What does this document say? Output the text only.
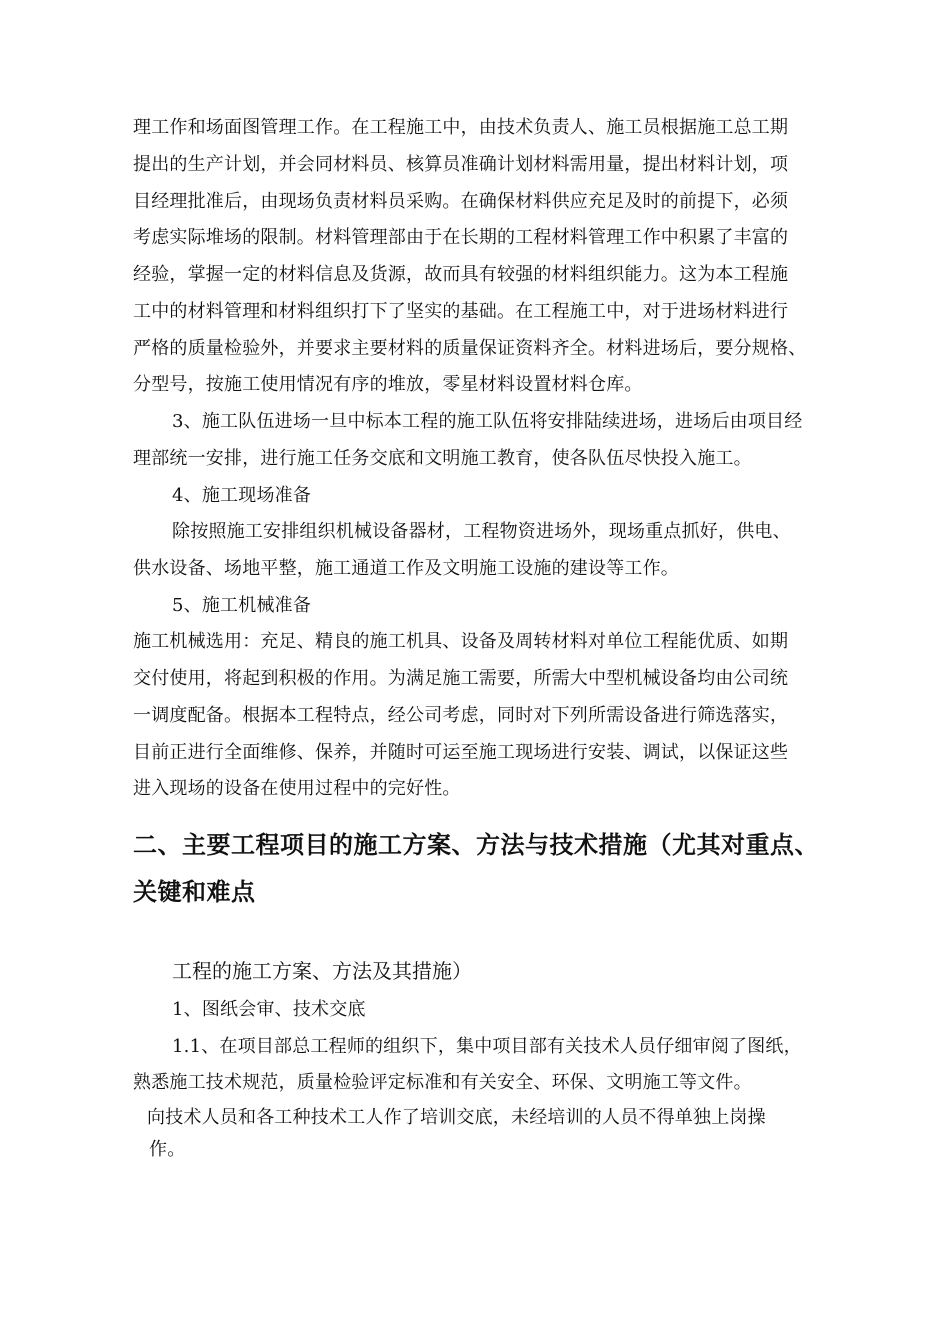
理工作和场面图管理工作。在工程施工中，由技术负责人、施工员根据施工总工期
提出的生产计划，并会同材料员、核算员准确计划材料需用量，提出材料计划，项
目经理批准后，由现场负责材料员采购。在确保材料供应充足及时的前提下，必须
考虑实际堆场的限制。材料管理部由于在长期的工程材料管理工作中积累了丰富的
经验，掌握一定的材料信息及货源，故而具有较强的材料组织能力。这为本工程施
工中的材料管理和材料组织打下了坚实的基础。在工程施工中，对于进场材料进行
严格的质量检验外，并要求主要材料的质量保证资料齐全。材料进场后，要分规格、
分型号，按施工使用情况有序的堆放，零星材料设置材料仓库。
3、施工队伍进场一旦中标本工程的施工队伍将安排陆续进场，进场后由项目经
理部统一安排，进行施工任务交底和文明施工教育，使各队伍尽快投入施工。
4、施工现场准备
除按照施工安排组织机械设备器材，工程物资进场外，现场重点抓好，供电、
供水设备、场地平整，施工通道工作及文明施工设施的建设等工作。
5、施工机械准备
施工机械选用：充足、精良的施工机具、设备及周转材料对单位工程能优质、如期
交付使用，将起到积极的作用。为满足施工需要，所需大中型机械设备均由公司统
一调度配备。根据本工程特点，经公司考虑，同时对下列所需设备进行筛选落实，
目前正进行全面维修、保养，并随时可运至施工现场进行安装、调试，以保证这些
进入现场的设备在使用过程中的完好性。
二、主要工程项目的施工方案、方法与技术措施（尤其对重点、
关键和难点
工程的施工方案、方法及其措施）
1、图纸会审、技术交底
1.1、在项目部总工程师的组织下，集中项目部有关技术人员仔细审阅了图纸，
熟悉施工技术规范，质量检验评定标准和有关安全、环保、文明施工等文件。
向技术人员和各工种技术工人作了培训交底，未经培训的人员不得单独上岗操
作。
